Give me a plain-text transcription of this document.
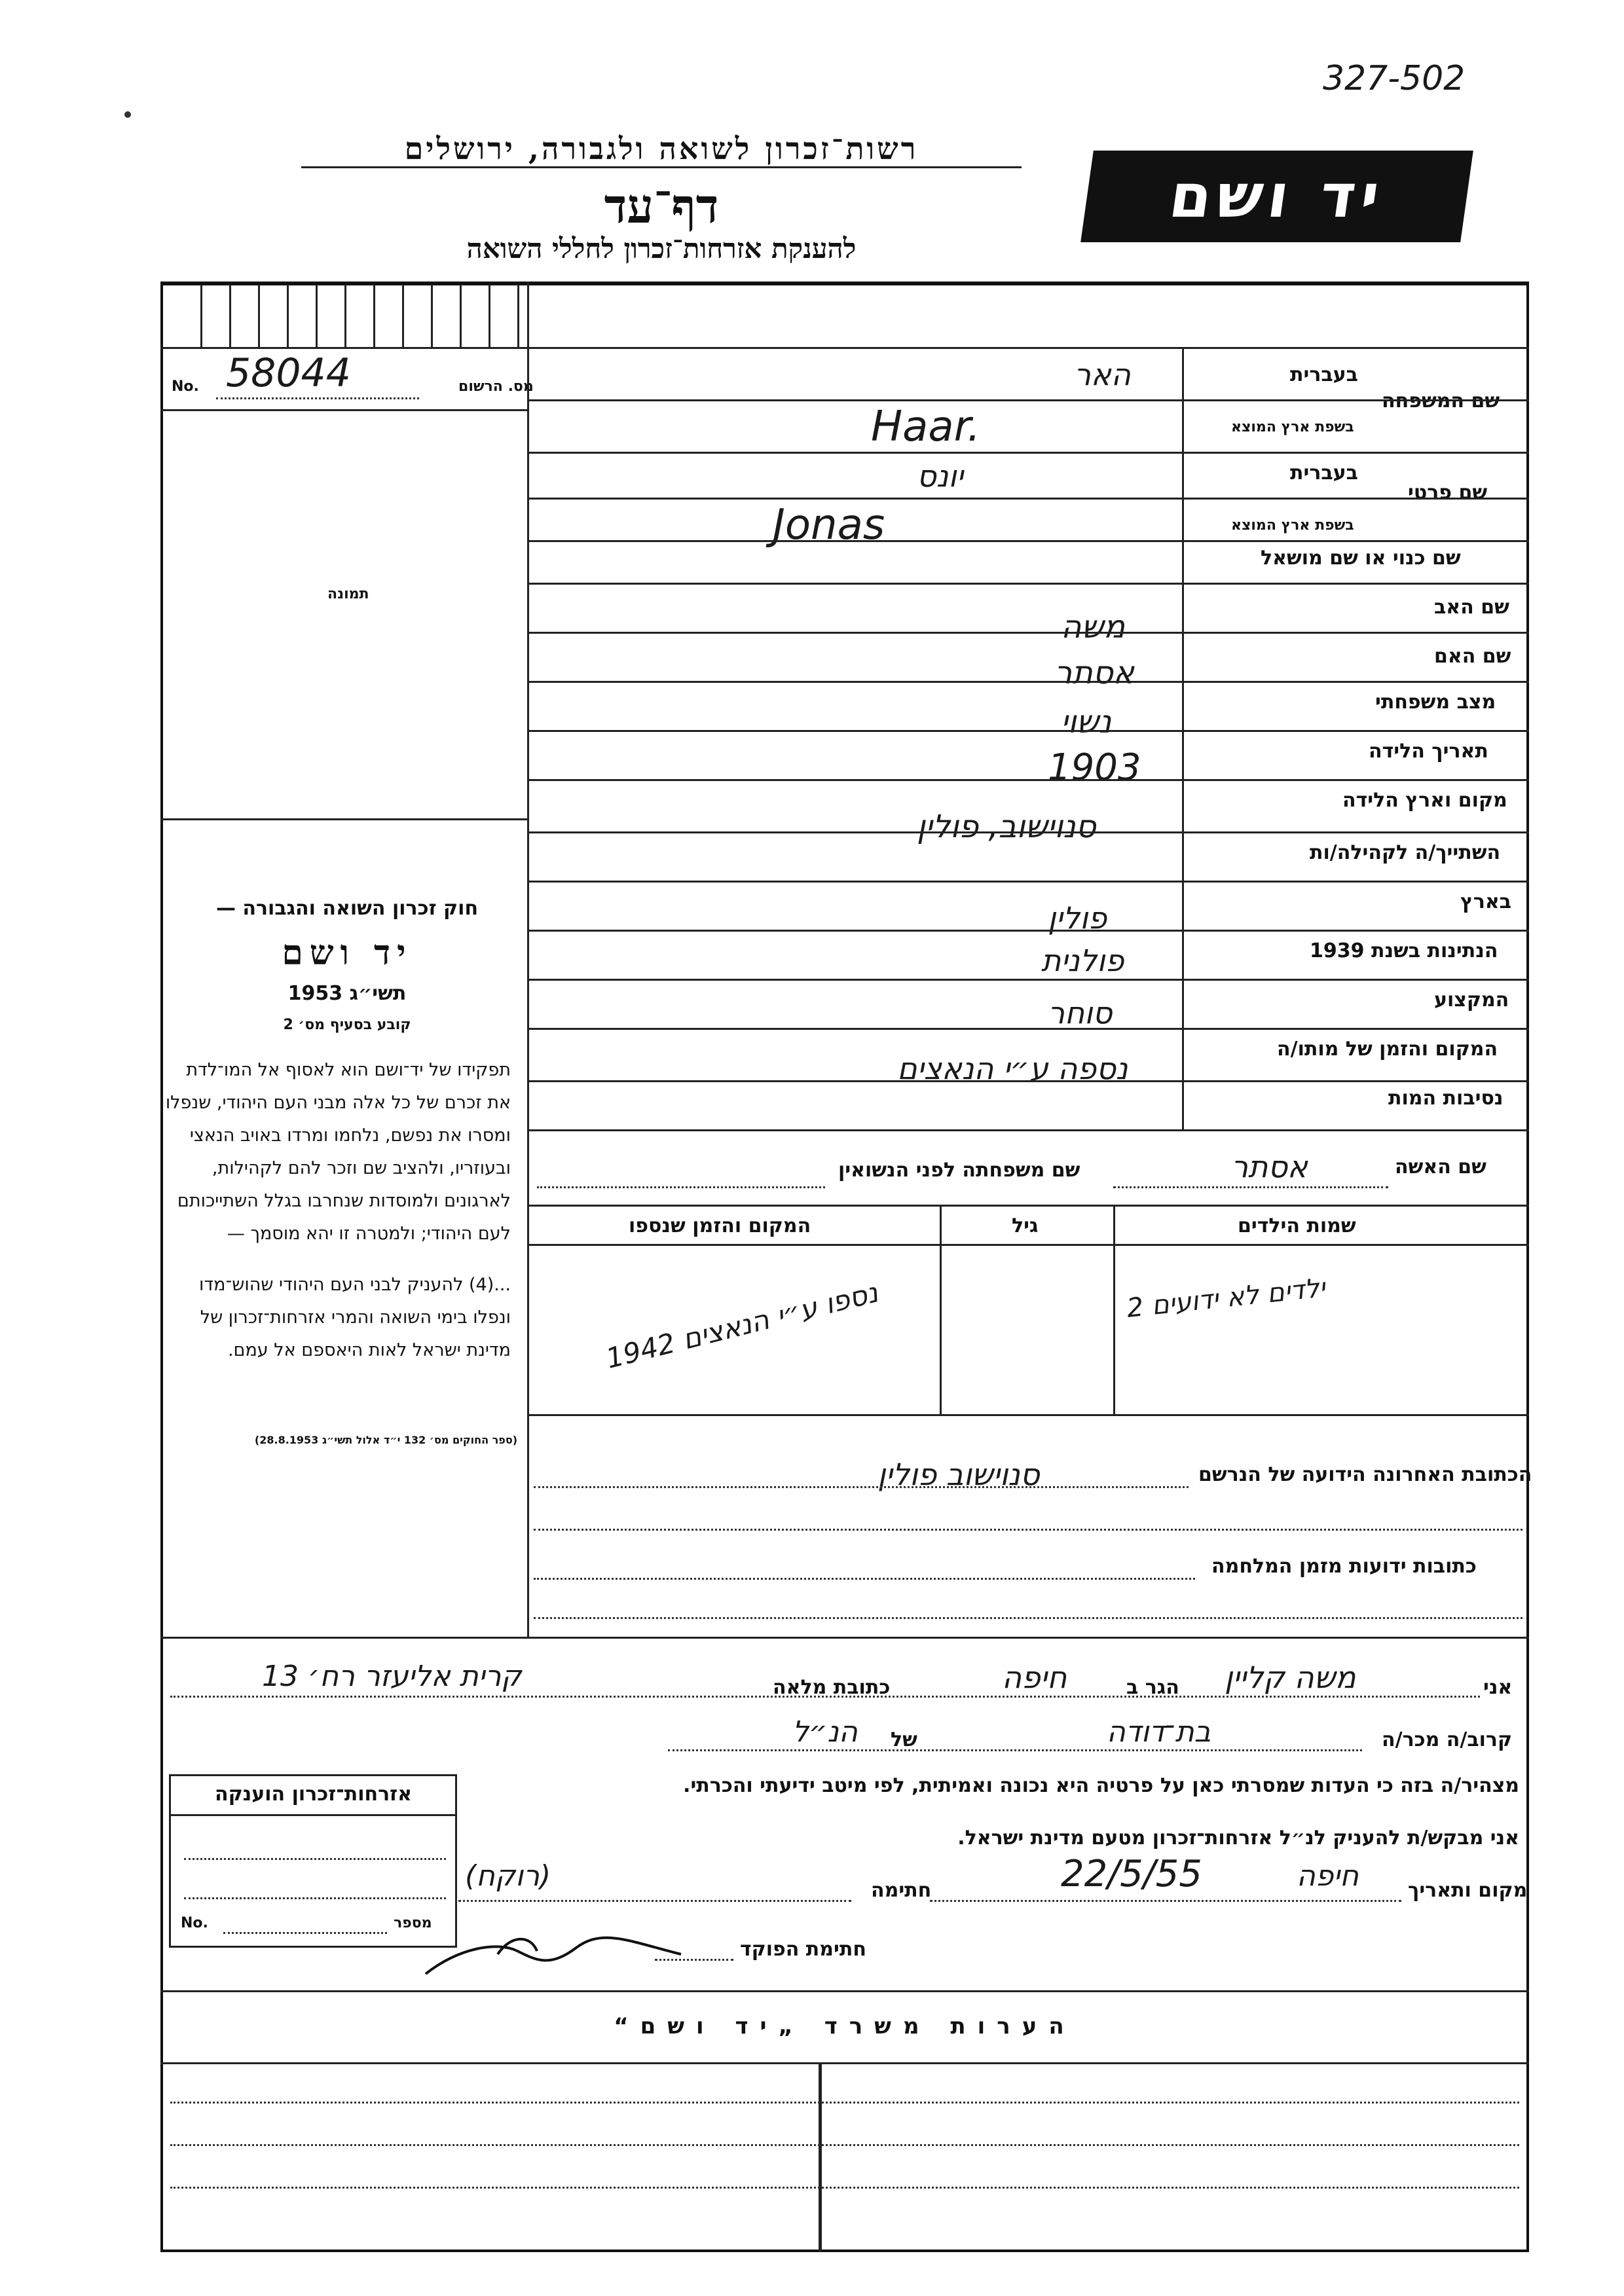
327-502
רשות־זכרון לשואה ולגבורה, ירושלים
דף־עד
להענקת אזרחות־זכרון לחללי השואה
יד ושם
מס. הרשום
No. 58044
תמונה
חוק זכרון השואה והגבורה —
יד ושם
תשי״ג 1953
קובע בסעיף מס׳ 2
תפקידו של יד־ושם הוא לאסוף אל המו־לדת את זכרם של כל אלה מבני העם היהודי, שנפלו ומסרו את נפשם, נלחמו ומרדו באויב הנאצי ובעוזריו, ולהציב שם וזכר להם לקהילות, לארגונים ולמוסדות שנחרבו בגלל השתייכותם לעם היהודי; ולמטרה זו יהא מוסמך —
...(4) להעניק לבני העם היהודי שהוש־מדו ונפלו בימי השואה והמרי אזרחות־זכרון של מדינת ישראל לאות היאספם אל עמם.
(ספר החוקים מס׳ 132 י״ד אלול תשי״ג 28.8.1953)
שם המשפחה
בעברית
בשפת ארץ המוצא
האר
Haar.
שם פרטי
בעברית
בשפת ארץ המוצא
יונס
Jonas
שם כנוי או שם מושאל
שם האב
משה
שם האם
אסתר
מצב משפחתי
נשוי
תאריך הלידה
1903
מקום וארץ הלידה
סנוישוב, פולין
השתייך/ה לקהילה/ות
בארץ
פולין
הנתינות בשנת 1939
פולנית
המקצוע
סוחר
המקום והזמן של מותו/ה
נספה ע״י הנאצים
נסיבות המות
שם האשה
אסתר
שם משפחתה לפני הנשואין
שמות הילדים
גיל
המקום והזמן שנספו
2 ילדים לא ידועים
נספו ע״י הנאצים 1942
הכתובת האחרונה הידועה של הנרשם
סנוישוב פולין
כתובות ידועות מזמן המלחמה
אני
משה קליין
הגר ב
חיפה
כתובת מלאה
קרית אליעזר רח׳ 13
קרוב/ה מכר/ה
בת־דודה
של
הנ״ל
מצהיר/ה בזה כי העדות שמסרתי כאן על פרטיה היא נכונה ואמיתית, לפי מיטב ידיעתי והכרתי.
אני מבקש/ת להעניק לנ״ל אזרחות־זכרון מטעם מדינת ישראל.
מקום ותאריך
חיפה
22/5/55
חתימה
(רוקח)
חתימת הפוקד
אזרחות־זכרון הוענקה
No.	מספר
הערות משרד „יד ושם“
